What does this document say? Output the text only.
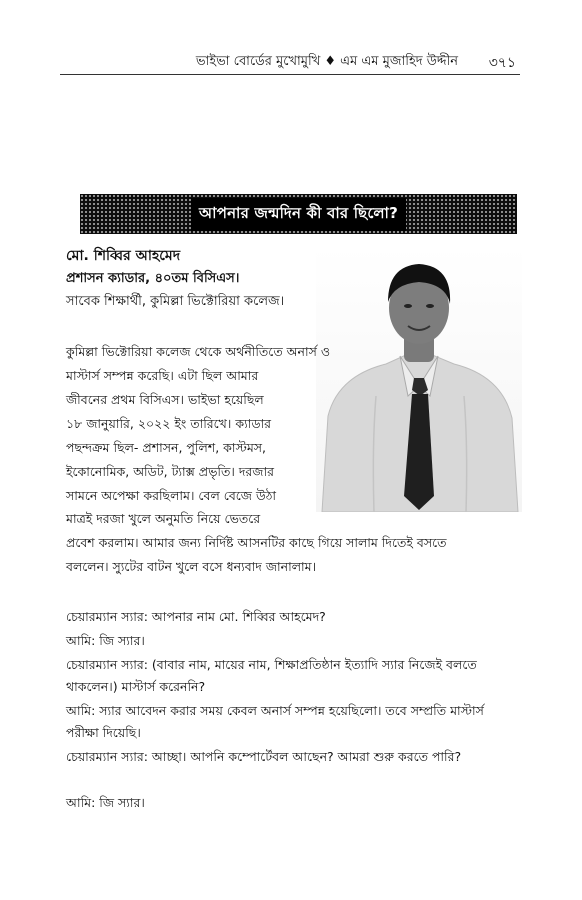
ভাইভা বোর্ডের মুখোমুখি ♦ এম এম মুজাহিদ উদ্দীন ৩৭১
আপনার জন্মদিন কী বার ছিলো?
মো. শিব্বির আহমেদ
প্রশাসন ক্যাডার, ৪০তম বিসিএস।
সাবেক শিক্ষার্থী, কুমিল্লা ভিক্টোরিয়া কলেজ।
কুমিল্লা ভিক্টোরিয়া কলেজ থেকে অর্থনীতিতে অনার্স ও
মাস্টার্স সম্পন্ন করেছি। এটা ছিল আমার
জীবনের প্রথম বিসিএস। ভাইভা হয়েছিল
১৮ জানুয়ারি, ২০২২ ইং তারিখে। ক্যাডার
পছন্দক্রম ছিল- প্রশাসন, পুলিশ, কাস্টমস,
ইকোনোমিক, অডিট, ট্যাক্স প্রভৃতি। দরজার
সামনে অপেক্ষা করছিলাম। বেল বেজে উঠা
মাত্রই দরজা খুলে অনুমতি নিয়ে ভেতরে
প্রবেশ করলাম। আমার জন্য নির্দিষ্ট আসনটির কাছে গিয়ে সালাম দিতেই বসতে
বললেন। স্যুটের বাটন খুলে বসে ধন্যবাদ জানালাম।
চেয়ারম্যান স্যার: আপনার নাম মো. শিব্বির আহমেদ?
আমি: জি স্যার।
চেয়ারম্যান স্যার: (বাবার নাম, মায়ের নাম, শিক্ষাপ্রতিষ্ঠান ইত্যাদি স্যার নিজেই বলতে থাকলেন।) মাস্টার্স করেননি?
আমি: স্যার আবেদন করার সময় কেবল অনার্স সম্পন্ন হয়েছিলো। তবে সম্প্রতি মাস্টার্স পরীক্ষা দিয়েছি।
চেয়ারম্যান স্যার: আচ্ছা। আপনি কম্পোর্টেবল আছেন? আমরা শুরু করতে পারি?
আমি: জি স্যার।
